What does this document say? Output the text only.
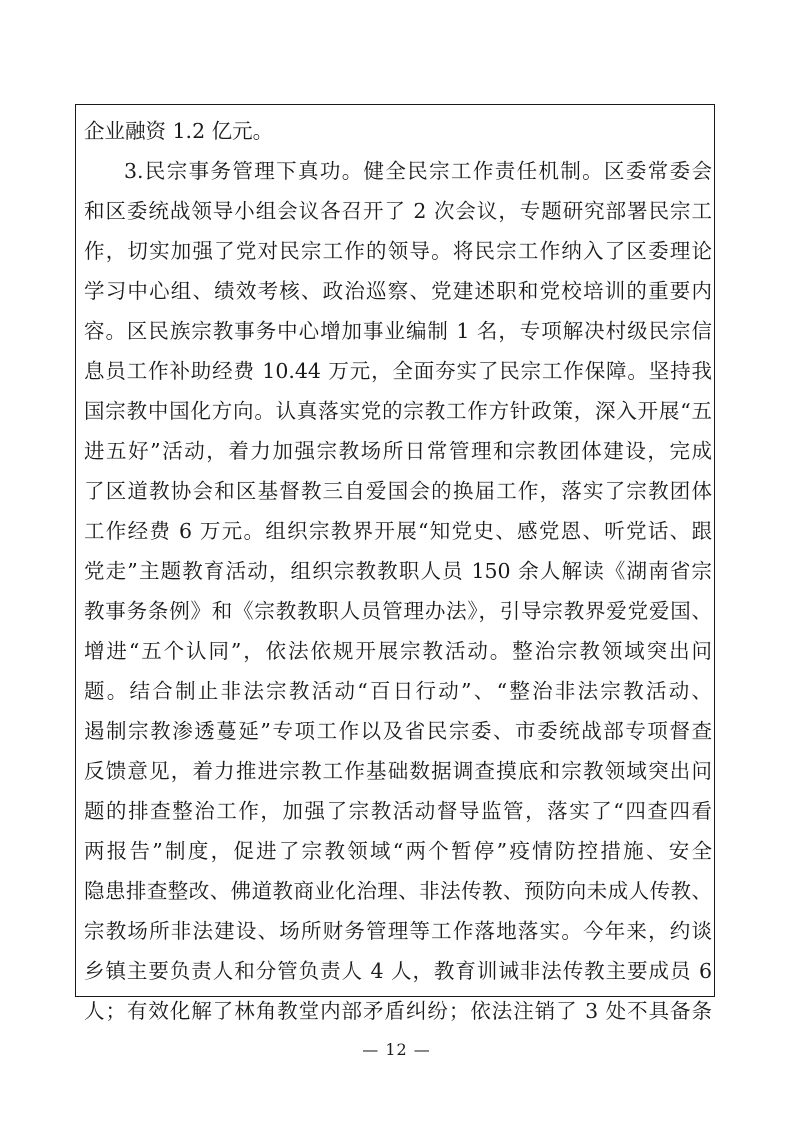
企业融资 1.2 亿元。
3.民宗事务管理下真功。健全民宗工作责任机制。区委常委会
和区委统战领导小组会议各召开了 2 次会议，专题研究部署民宗工
作，切实加强了党对民宗工作的领导。将民宗工作纳入了区委理论
学习中心组、绩效考核、政治巡察、党建述职和党校培训的重要内
容。区民族宗教事务中心增加事业编制 1 名，专项解决村级民宗信
息员工作补助经费 10.44 万元，全面夯实了民宗工作保障。坚持我
国宗教中国化方向。认真落实党的宗教工作方针政策，深入开展“五
进五好”活动，着力加强宗教场所日常管理和宗教团体建设，完成
了区道教协会和区基督教三自爱国会的换届工作，落实了宗教团体
工作经费 6 万元。组织宗教界开展“知党史、感党恩、听党话、跟
党走”主题教育活动，组织宗教教职人员 150 余人解读《湖南省宗
教事务条例》和《宗教教职人员管理办法》，引导宗教界爱党爱国、
增进“五个认同”，依法依规开展宗教活动。整治宗教领域突出问
题。结合制止非法宗教活动“百日行动”、“整治非法宗教活动、
遏制宗教渗透蔓延”专项工作以及省民宗委、市委统战部专项督查
反馈意见，着力推进宗教工作基础数据调查摸底和宗教领域突出问
题的排查整治工作，加强了宗教活动督导监管，落实了“四查四看
两报告”制度，促进了宗教领域“两个暂停”疫情防控措施、安全
隐患排查整改、佛道教商业化治理、非法传教、预防向未成人传教、
宗教场所非法建设、场所财务管理等工作落地落实。今年来，约谈
乡镇主要负责人和分管负责人 4 人，教育训诫非法传教主要成员 6
人；有效化解了林角教堂内部矛盾纠纷；依法注销了 3 处不具备条
— 12 —
